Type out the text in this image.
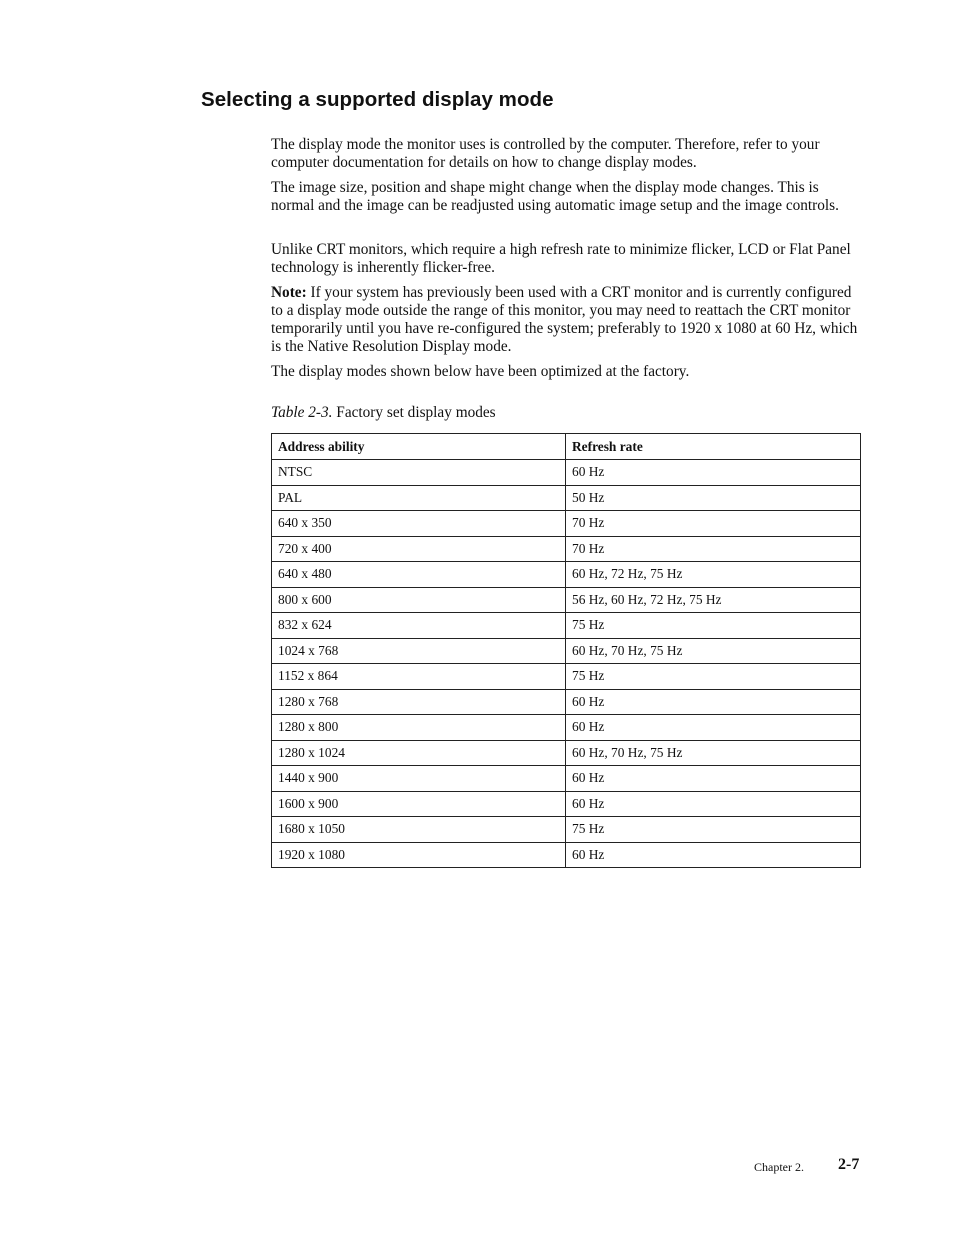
Selecting a supported display mode

The display mode the monitor uses is controlled by the computer. Therefore, refer to your computer documentation for details on how to change display modes.

The image size, position and shape might change when the display mode changes. This is normal and the image can be readjusted using automatic image setup and the image controls.

Unlike CRT monitors, which require a high refresh rate to minimize flicker, LCD or Flat Panel technology is inherently flicker-free.

Note: If your system has previously been used with a CRT monitor and is currently configured to a display mode outside the range of this monitor, you may need to reattach the CRT monitor temporarily until you have re-configured the system; preferably to 1920 x 1080 at 60 Hz, which is the Native Resolution Display mode.

The display modes shown below have been optimized at the factory.

Table 2-3. Factory set display modes

Address ability	Refresh rate
NTSC	60 Hz
PAL	50 Hz
640 x 350	70 Hz
720 x 400	70 Hz
640 x 480	60 Hz, 72 Hz, 75 Hz
800 x 600	56 Hz, 60 Hz, 72 Hz, 75 Hz
832 x 624	75 Hz
1024 x 768	60 Hz, 70 Hz, 75 Hz
1152 x 864	75 Hz
1280 x 768	60 Hz
1280 x 800	60 Hz
1280 x 1024	60 Hz, 70 Hz, 75 Hz
1440 x 900	60 Hz
1600 x 900	60 Hz
1680 x 1050	75 Hz
1920 x 1080	60 Hz
Chapter 2. 2-7
